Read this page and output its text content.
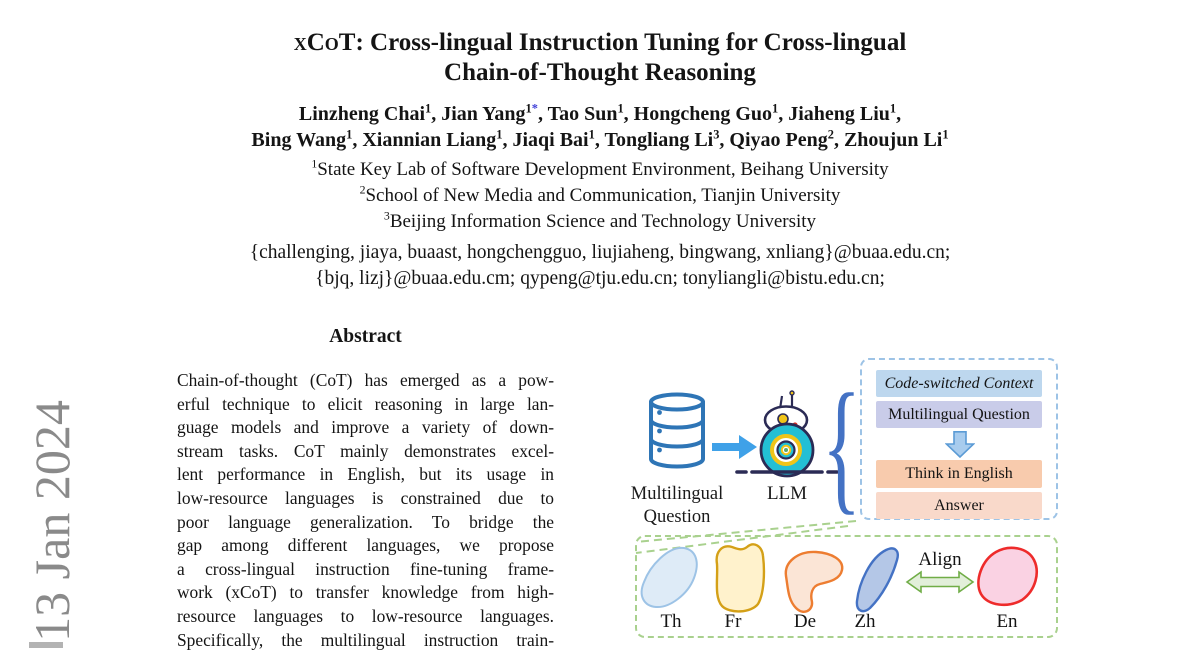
13 Jan 2024
xCoT: Cross-lingual Instruction Tuning for Cross-lingual
Chain-of-Thought Reasoning
Linzheng Chai$^1$, Jian Yang$^{1*}$, Tao Sun$^1$, Hongcheng Guo$^1$, Jiaheng Liu$^1$,
Bing Wang$^1$, Xiannian Liang$^1$, Jiaqi Bai$^1$, Tongliang Li$^3$, Qiyao Peng$^2$, Zhoujun Li$^1$
$^1$State Key Lab of Software Development Environment, Beihang University
$^2$School of New Media and Communication, Tianjin University
$^3$Beijing Information Science and Technology University
{challenging, jiaya, buaast, hongchengguo, liujiaheng, bingwang, xnliang}@buaa.edu.cn;
{bjq, lizj}@buaa.edu.cm; qypeng@tju.edu.cn; tonyliangli@bistu.edu.cn;
Abstract
Chain-of-thought (CoT) has emerged as a pow-
erful technique to elicit reasoning in large lan-
guage models and improve a variety of down-
stream tasks. CoT mainly demonstrates excel-
lent performance in English, but its usage in
low-resource languages is constrained due to
poor language generalization. To bridge the
gap among different languages, we propose
a cross-lingual instruction fine-tuning frame-
work (xCoT) to transfer knowledge from high-
resource languages to low-resource languages.
Specifically, the multilingual instruction train-
Multilingual
Question
LLM {	Code-switched Context
Multilingual Question
Think in English
Answer
Th	Fr	De	Zh	En
Align
